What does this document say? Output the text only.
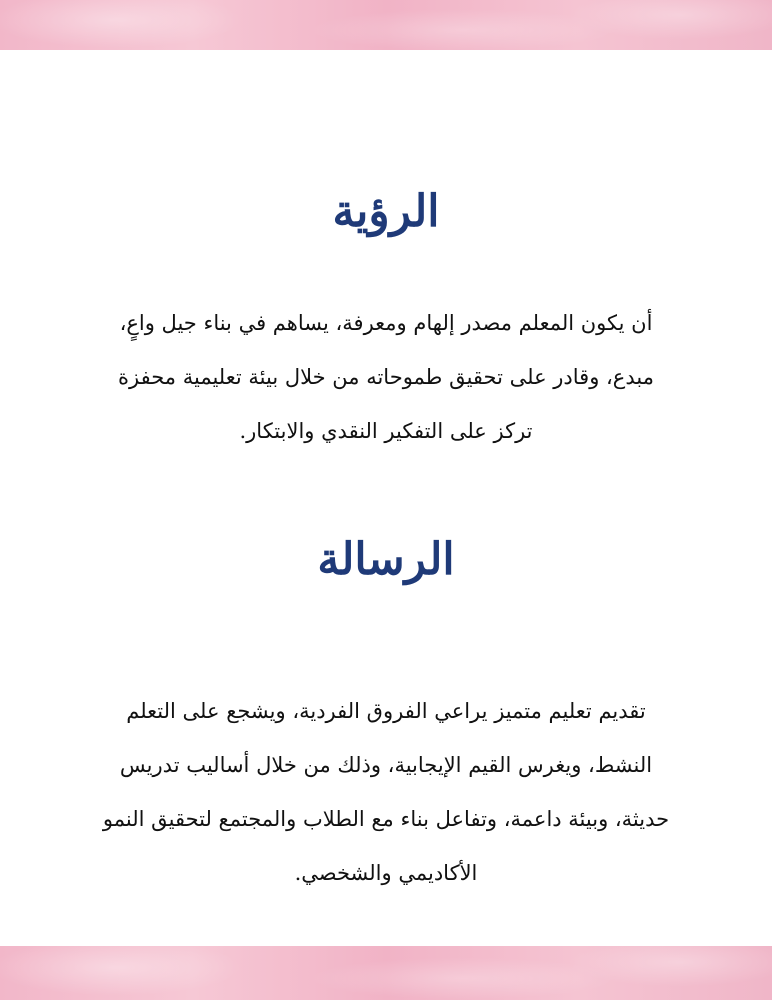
الرؤية

أن يكون المعلم مصدر إلهام ومعرفة، يساهم في بناء جيل واعٍ، مبدع، وقادر على تحقيق طموحاته من خلال بيئة تعليمية محفزة تركز على التفكير النقدي والابتكار.

الرسالة

تقديم تعليم متميز يراعي الفروق الفردية، ويشجع على التعلم النشط، ويغرس القيم الإيجابية، وذلك من خلال أساليب تدريس حديثة، وبيئة داعمة، وتفاعل بناء مع الطلاب والمجتمع لتحقيق النمو الأكاديمي والشخصي.
